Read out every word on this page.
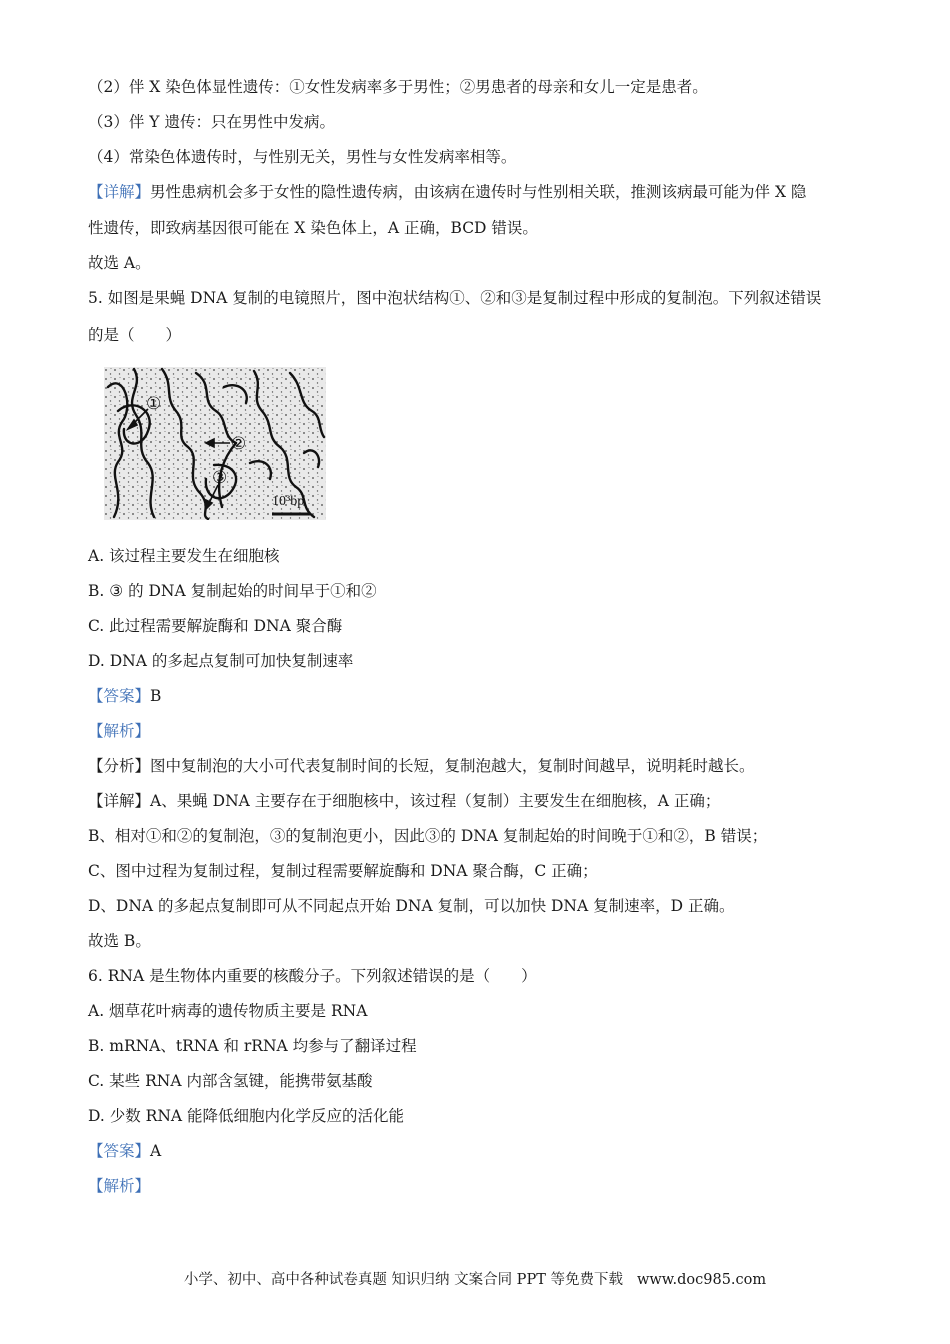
（2）伴 X 染色体显性遗传：①女性发病率多于男性；②男患者的母亲和女儿一定是患者。
（3）伴 Y 遗传：只在男性中发病。
（4）常染色体遗传时，与性别无关，男性与女性发病率相等。
【详解】男性患病机会多于女性的隐性遗传病，由该病在遗传时与性别相关联，推测该病最可能为伴 X 隐
性遗传，即致病基因很可能在 X 染色体上，A 正确，BCD 错误。
故选 A。
5. 如图是果蝇 DNA 复制的电镜照片，图中泡状结构①、②和③是复制过程中形成的复制泡。下列叙述错误
的是（　　）
①
②
③
10³bp
A. 该过程主要发生在细胞核
B. ③ 的 DNA 复制起始的时间早于①和②
C. 此过程需要解旋酶和 DNA 聚合酶
D. DNA 的多起点复制可加快复制速率
【答案】B
【解析】
【分析】图中复制泡的大小可代表复制时间的长短，复制泡越大，复制时间越早，说明耗时越长。
【详解】A、果蝇 DNA 主要存在于细胞核中，该过程（复制）主要发生在细胞核，A 正确；
B、相对①和②的复制泡，③的复制泡更小，因此③的 DNA 复制起始的时间晚于①和②，B 错误；
C、图中过程为复制过程，复制过程需要解旋酶和 DNA 聚合酶，C 正确；
D、DNA 的多起点复制即可从不同起点开始 DNA 复制，可以加快 DNA 复制速率，D 正确。
故选 B。
6. RNA 是生物体内重要的核酸分子。下列叙述错误的是（　　）
A. 烟草花叶病毒的遗传物质主要是 RNA
B. mRNA、tRNA 和 rRNA 均参与了翻译过程
C. 某些 RNA 内部含氢键，能携带氨基酸
D. 少数 RNA 能降低细胞内化学反应的活化能
【答案】A
【解析】
小学、初中、高中各种试卷真题 知识归纳 文案合同 PPT 等免费下载 www.doc985.com
